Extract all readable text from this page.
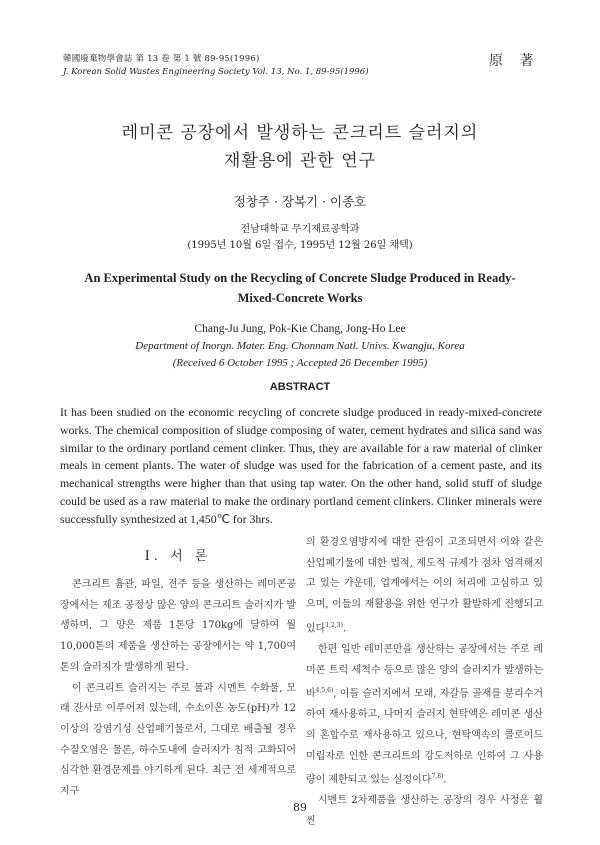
韓國廢棄物學會誌 第 13 卷 第 1 號 89-95(1996)
J. Korean Solid Wastes Engineering Society Vol. 13, No. 1, 89-95(1996)
原 著
레미콘 공장에서 발생하는 콘크리트 슬러지의
재활용에 관한 연구
정창주 · 장복기 · 이종호
전남대학교 무기재료공학과
(1995년 10월 6일 접수, 1995년 12월 26일 채택)
An Experimental Study on the Recycling of Concrete Sludge Produced in Ready-
Mixed-Concrete Works
Chang-Ju Jung, Pok-Kie Chang, Jong-Ho Lee
Department of Inorgn. Mater. Eng. Chonnam Natl. Univs. Kwangju, Korea
(Received 6 October 1995 ; Accepted 26 December 1995)
ABSTRACT
It has been studied on the economic recycling of concrete sludge produced in ready-mixed-concrete works. The chemical composition of sludge composing of water, cement hydrates and silica sand was similar to the ordinary portland cement clinker. Thus, they are available for a raw material of clinker meals in cement plants. The water of sludge was used for the fabrication of a cement paste, and its mechanical strengths were higher than that using tap water. On the other hand, solid stuff of sludge could be used as a raw material to make the ordinary portland cement clinkers. Clinker minerals were successfully synthesized at 1,450℃ for 3hrs.
Ⅰ. 서 론

콘크리트 흄관, 파일, 전주 등을 생산하는 레미콘공장에서는 제조 공정상 많은 양의 콘크리트 슬러지가 발생하며, 그 양은 제품 1톤당 170kg에 달하여 월 10,000톤의 제품을 생산하는 공장에서는 약 1,700여톤의 슬러지가 발생하게 된다.

이 콘크리트 슬러지는 주로 물과 시멘트 수화물, 모래 잔사로 이루어져 있는데, 수소이온 농도(pH)가 12이상의 강염기성 산업폐기물로서, 그대로 배출될 경우 수질오염은 물론, 하수도내에 슬러지가 침적 고화되어 심각한 환경문제를 야기하게 된다. 최근 전 세계적으로 지구

의 환경오염방지에 대한 관심이 고조되면서 이와 같은 산업폐기물에 대한 법적, 제도적 규제가 점차 엄격해지고 있는 가운데, 업계에서는 이의 처리에 고심하고 있으며, 이들의 재활용을 위한 연구가 활발하게 진행되고 있다$^{1,2,3)}$.

한편 일반 레미콘만을 생산하는 공장에서는 주로 레미콘 트럭 세척수 등으로 많은 양의 슬러지가 발생하는 바$^{4,5,6)}$, 이들 슬러지에서 모래, 자갈등 골재를 분리수거하여 재사용하고, 나머지 슬러지 현탁액은 레미콘 생산의 혼합수로 재사용하고 있으나, 현탁액속의 콜로이드 미립자로 인한 콘크리트의 강도저하로 인하여 그 사용량이 제한되고 있는 실정이다$^{7,8)}$.

시멘트 2차제품을 생산하는 공장의 경우 사정은 훨씬

89
